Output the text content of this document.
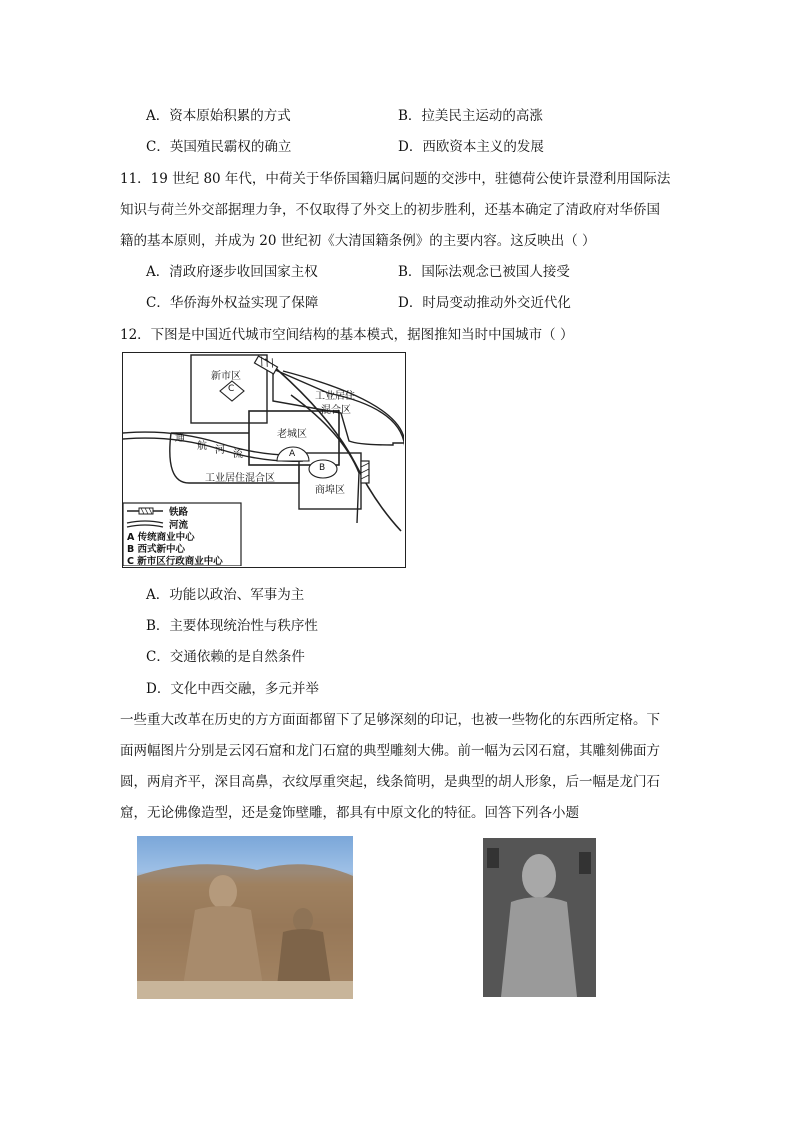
A．资本原始积累的方式	B．拉美民主运动的高涨
C．英国殖民霸权的确立	D．西欧资本主义的发展
11．19 世纪 80 年代，中荷关于华侨国籍归属问题的交涉中，驻德荷公使许景澄利用国际法
知识与荷兰外交部据理力争，不仅取得了外交上的初步胜利，还基本确定了清政府对华侨国
籍的基本原则，并成为 20 世纪初《大清国籍条例》的主要内容。这反映出（ ）
A．清政府逐步收回国家主权	B．国际法观念已被国人接受
C．华侨海外权益实现了保障	D．时局变动推动外交近代化
12．下图是中国近代城市空间结构的基本模式，据图推知当时中国城市（ ）
新市区
C
工业居住
混合区
老城区
A
通
航 河 流
工业居住混合区
B
商埠区
铁路
河流
A 传统商业中心
B 西式新中心
C 新市区行政商业中心
A．功能以政治、军事为主
B．主要体现统治性与秩序性
C．交通依赖的是自然条件
D．文化中西交融，多元并举
一些重大改革在历史的方方面面都留下了足够深刻的印记，也被一些物化的东西所定格。下
面两幅图片分别是云冈石窟和龙门石窟的典型雕刻大佛。前一幅为云冈石窟，其雕刻佛面方
圆，两肩齐平，深目高鼻，衣纹厚重突起，线条简明，是典型的胡人形象，后一幅是龙门石
窟，无论佛像造型，还是龛饰壁雕，都具有中原文化的特征。回答下列各小题
